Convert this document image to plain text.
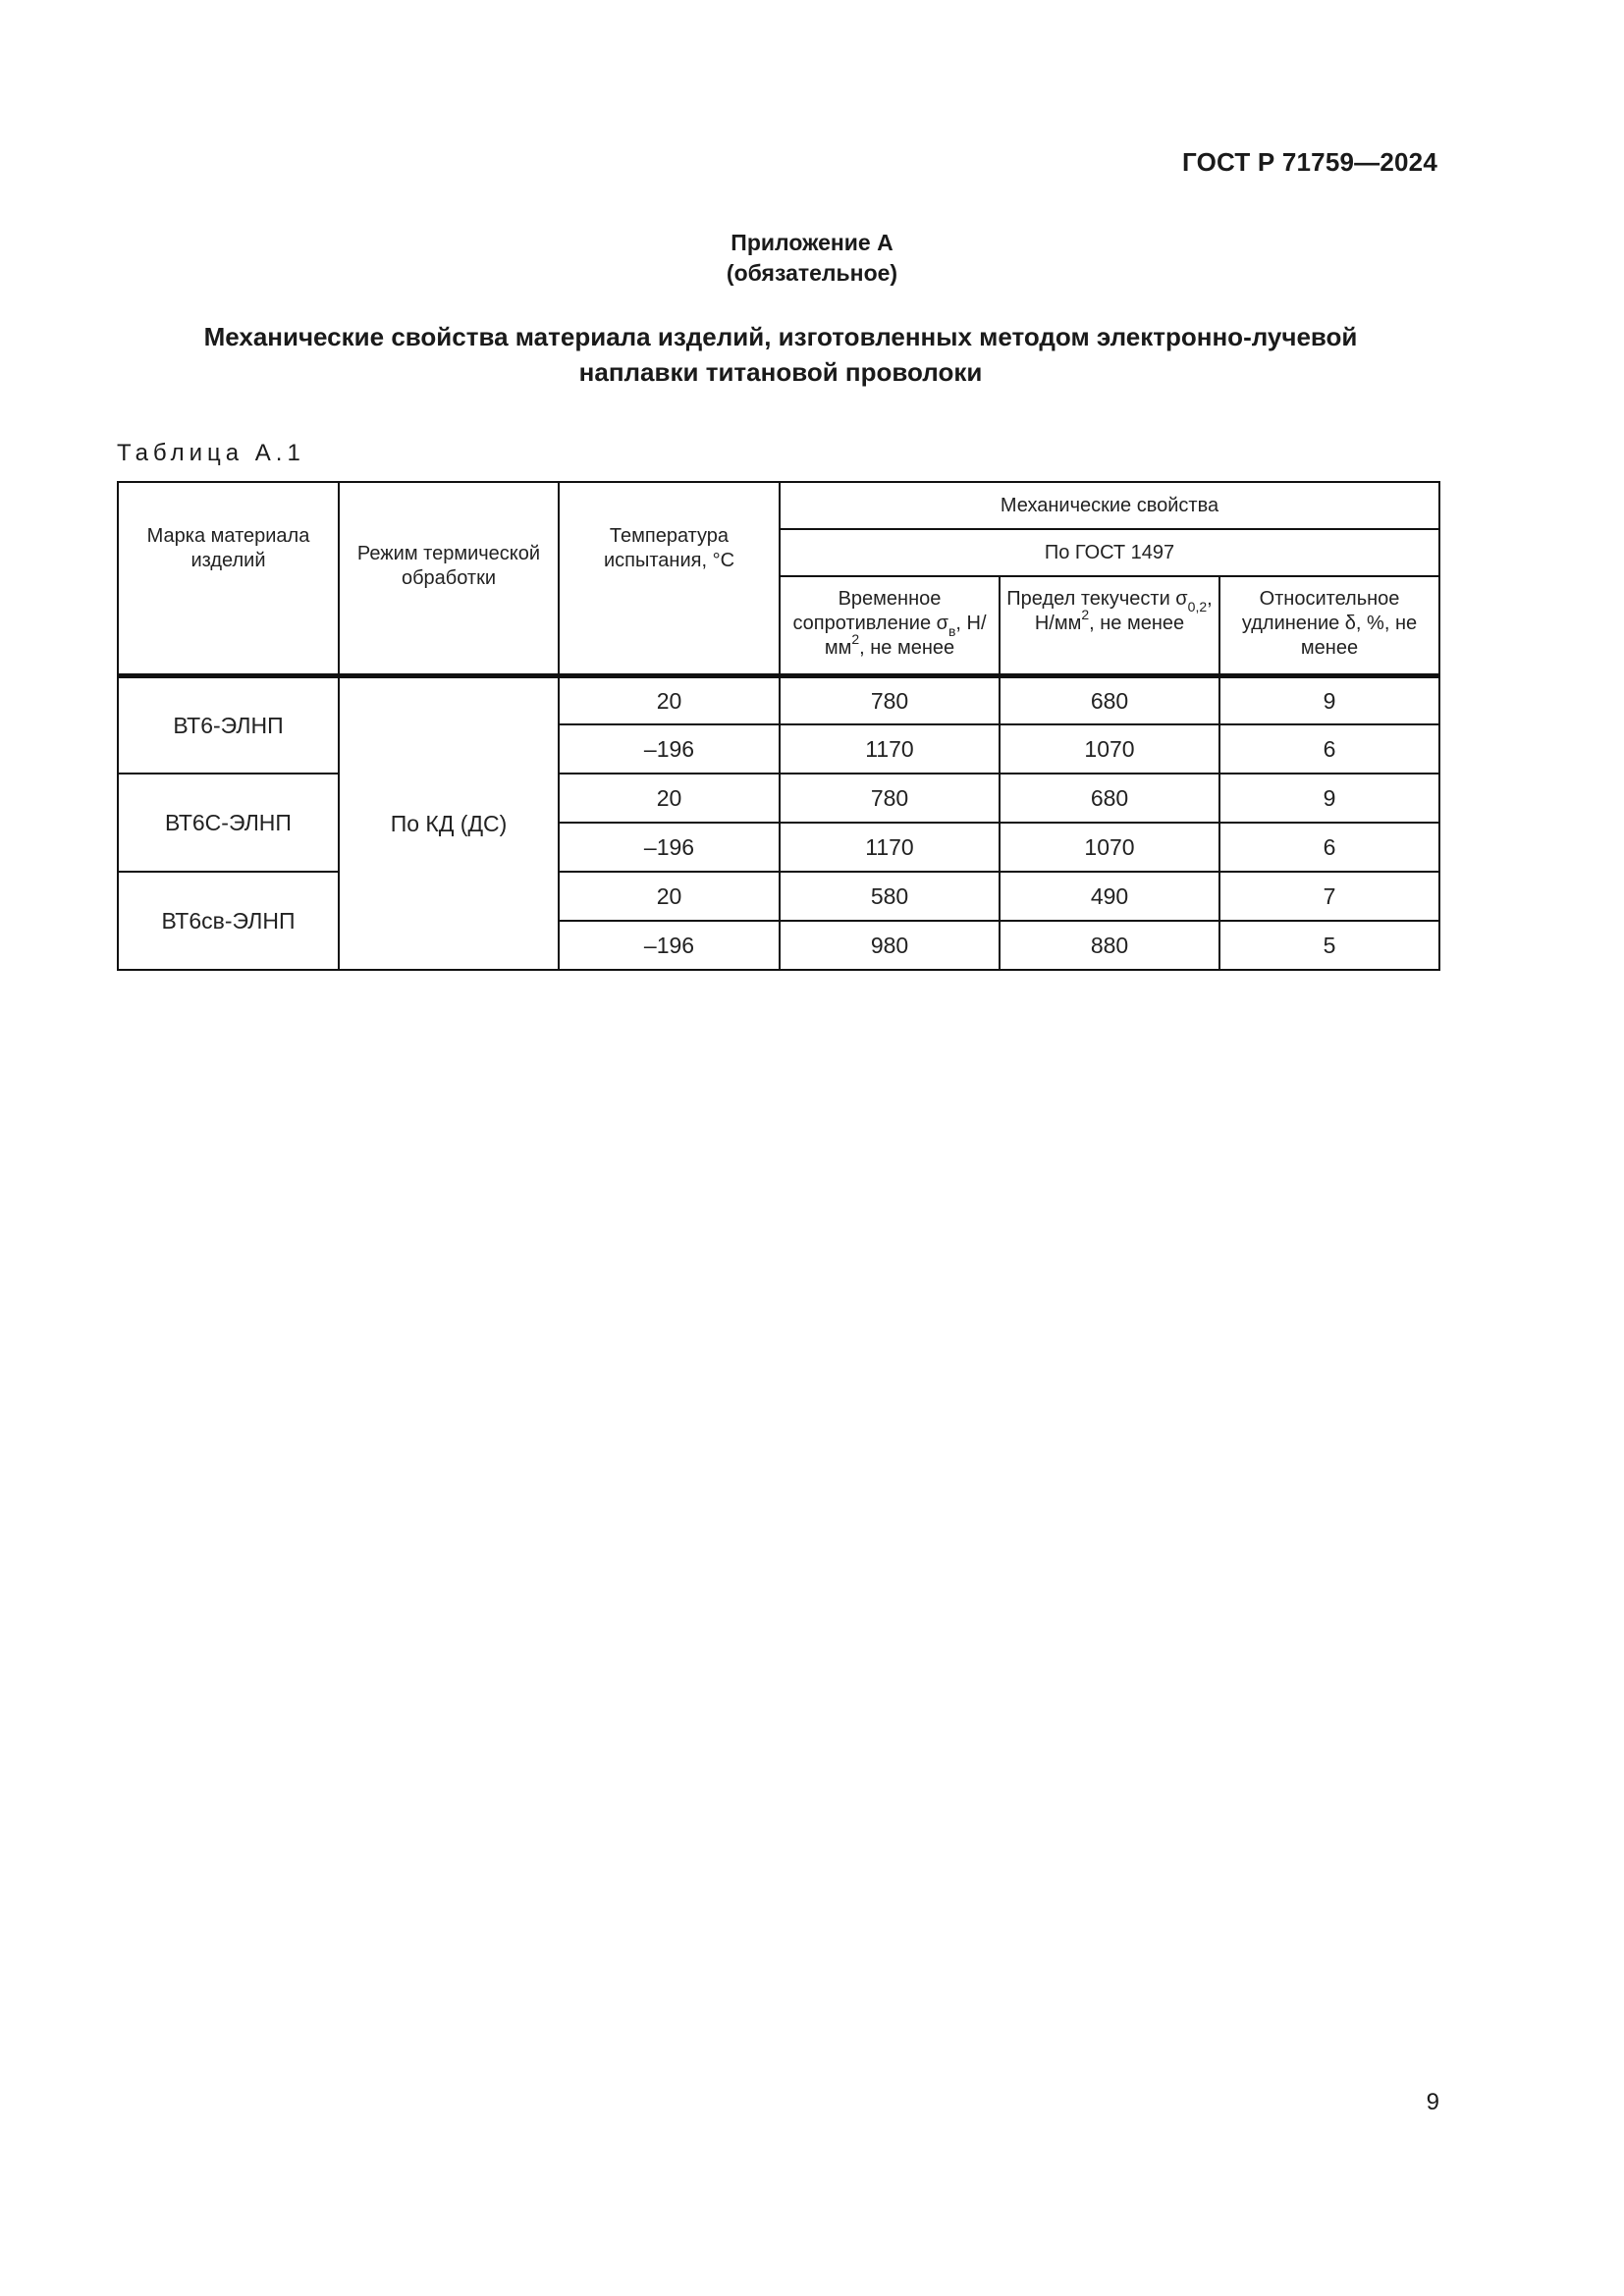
ГОСТ Р 71759—2024
Приложение А
(обязательное)
Механические свойства материала изделий, изготовленных методом электронно-лучевой
наплавки титановой проволоки
Таблица А.1
Марка материала изделий	Режим термической обработки	Температура испытания, °С	Механические свойства		
			По ГОСТ 1497		
			Временное сопротивление $\sigma_в$, $Н/мм^2$, не менее	Предел текучести $\sigma_{0,2}$, $Н/мм^2$, не менее	Относительное удлинение δ, %, не менее
ВТ6-ЭЛНП	По КД (ДС)	20	780	680	9
		–196	1170	1070	6
ВТ6С-ЭЛНП		20	780	680	9
		–196	1170	1070	6
ВТ6св-ЭЛНП		20	580	490	7
		–196	980	880	5
9
